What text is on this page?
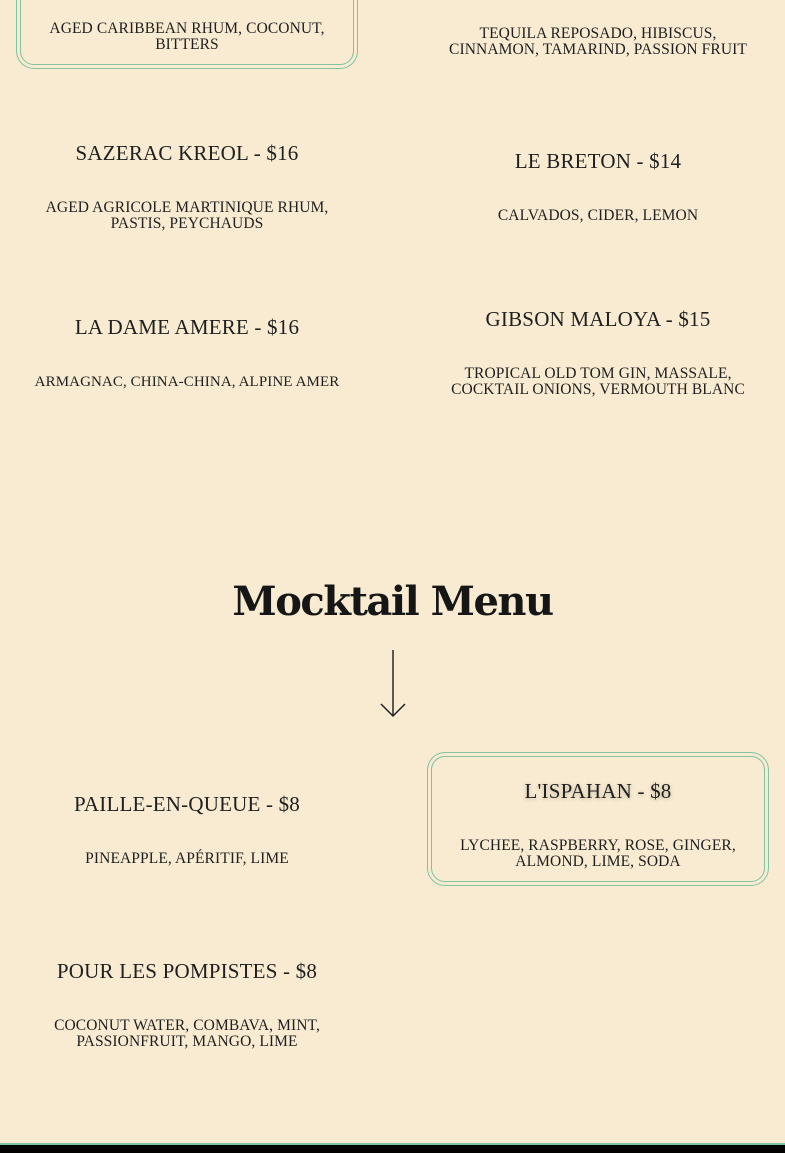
AGED CARIBBEAN RHUM, COCONUT, BITTERS
TEQUILA REPOSADO, HIBISCUS, CINNAMON, TAMARIND, PASSION FRUIT
SAZERAC KREOL - $16
AGED AGRICOLE MARTINIQUE RHUM, PASTIS, PEYCHAUDS
LE BRETON - $14
CALVADOS, CIDER, LEMON
LA DAME AMERE - $16
ARMAGNAC, CHINA-CHINA, ALPINE AMER
GIBSON MALOYA - $15
TROPICAL OLD TOM GIN, MASSALE, COCKTAIL ONIONS, VERMOUTH BLANC
Mocktail Menu
PAILLE-EN-QUEUE - $8
PINEAPPLE, APÉRITIF, LIME
L'ISPAHAN - $8
LYCHEE, RASPBERRY, ROSE, GINGER, ALMOND, LIME, SODA
POUR LES POMPISTES - $8
COCONUT WATER, COMBAVA, MINT, PASSIONFRUIT, MANGO, LIME
